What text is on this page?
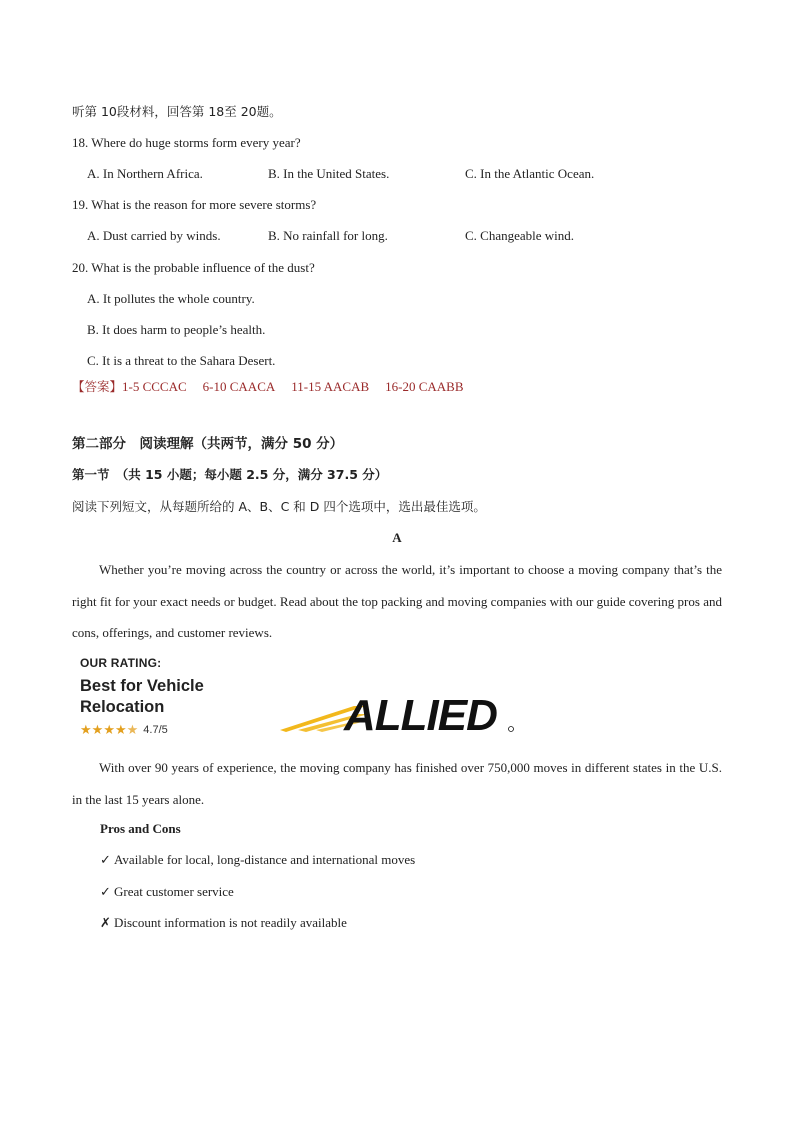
听第 10段材料，回答第 18至 20题。
18. Where do huge storms form every year?
A. In Northern Africa.	B. In the United States.	C. In the Atlantic Ocean.
19. What is the reason for more severe storms?
A. Dust carried by winds.	B. No rainfall for long.	C. Changeable wind.
20. What is the probable influence of the dust?
A. It pollutes the whole country.
B. It does harm to people’s health.
C. It is a threat to the Sahara Desert.
【答案】1-5 CCCAC 6-10 CAACA 11-15 AACAB 16-20 CAABB
第二部分　阅读理解（共两节，满分 50 分）
第一节　（共 15 小题；每小题 2.5 分，满分 37.5 分）
阅读下列短文，从每题所给的 A、B、C 和 D 四个选项中，选出最佳选项。
A
Whether you’re moving across the country or across the world, it’s important to choose a moving company that’s the right fit for your exact needs or budget. Read about the top packing and moving companies with our guide covering pros and cons, offerings, and customer reviews.
OUR RATING:
Best for Vehicle
Relocation
★ ★ ★ ★ ★ 4.7/5	ALLIED
With over 90 years of experience, the moving company has finished over 750,000 moves in different states in the U.S. in the last 15 years alone.
Pros and Cons
✓ Available for local, long-distance and international moves
✓ Great customer service
✗ Discount information is not readily available
